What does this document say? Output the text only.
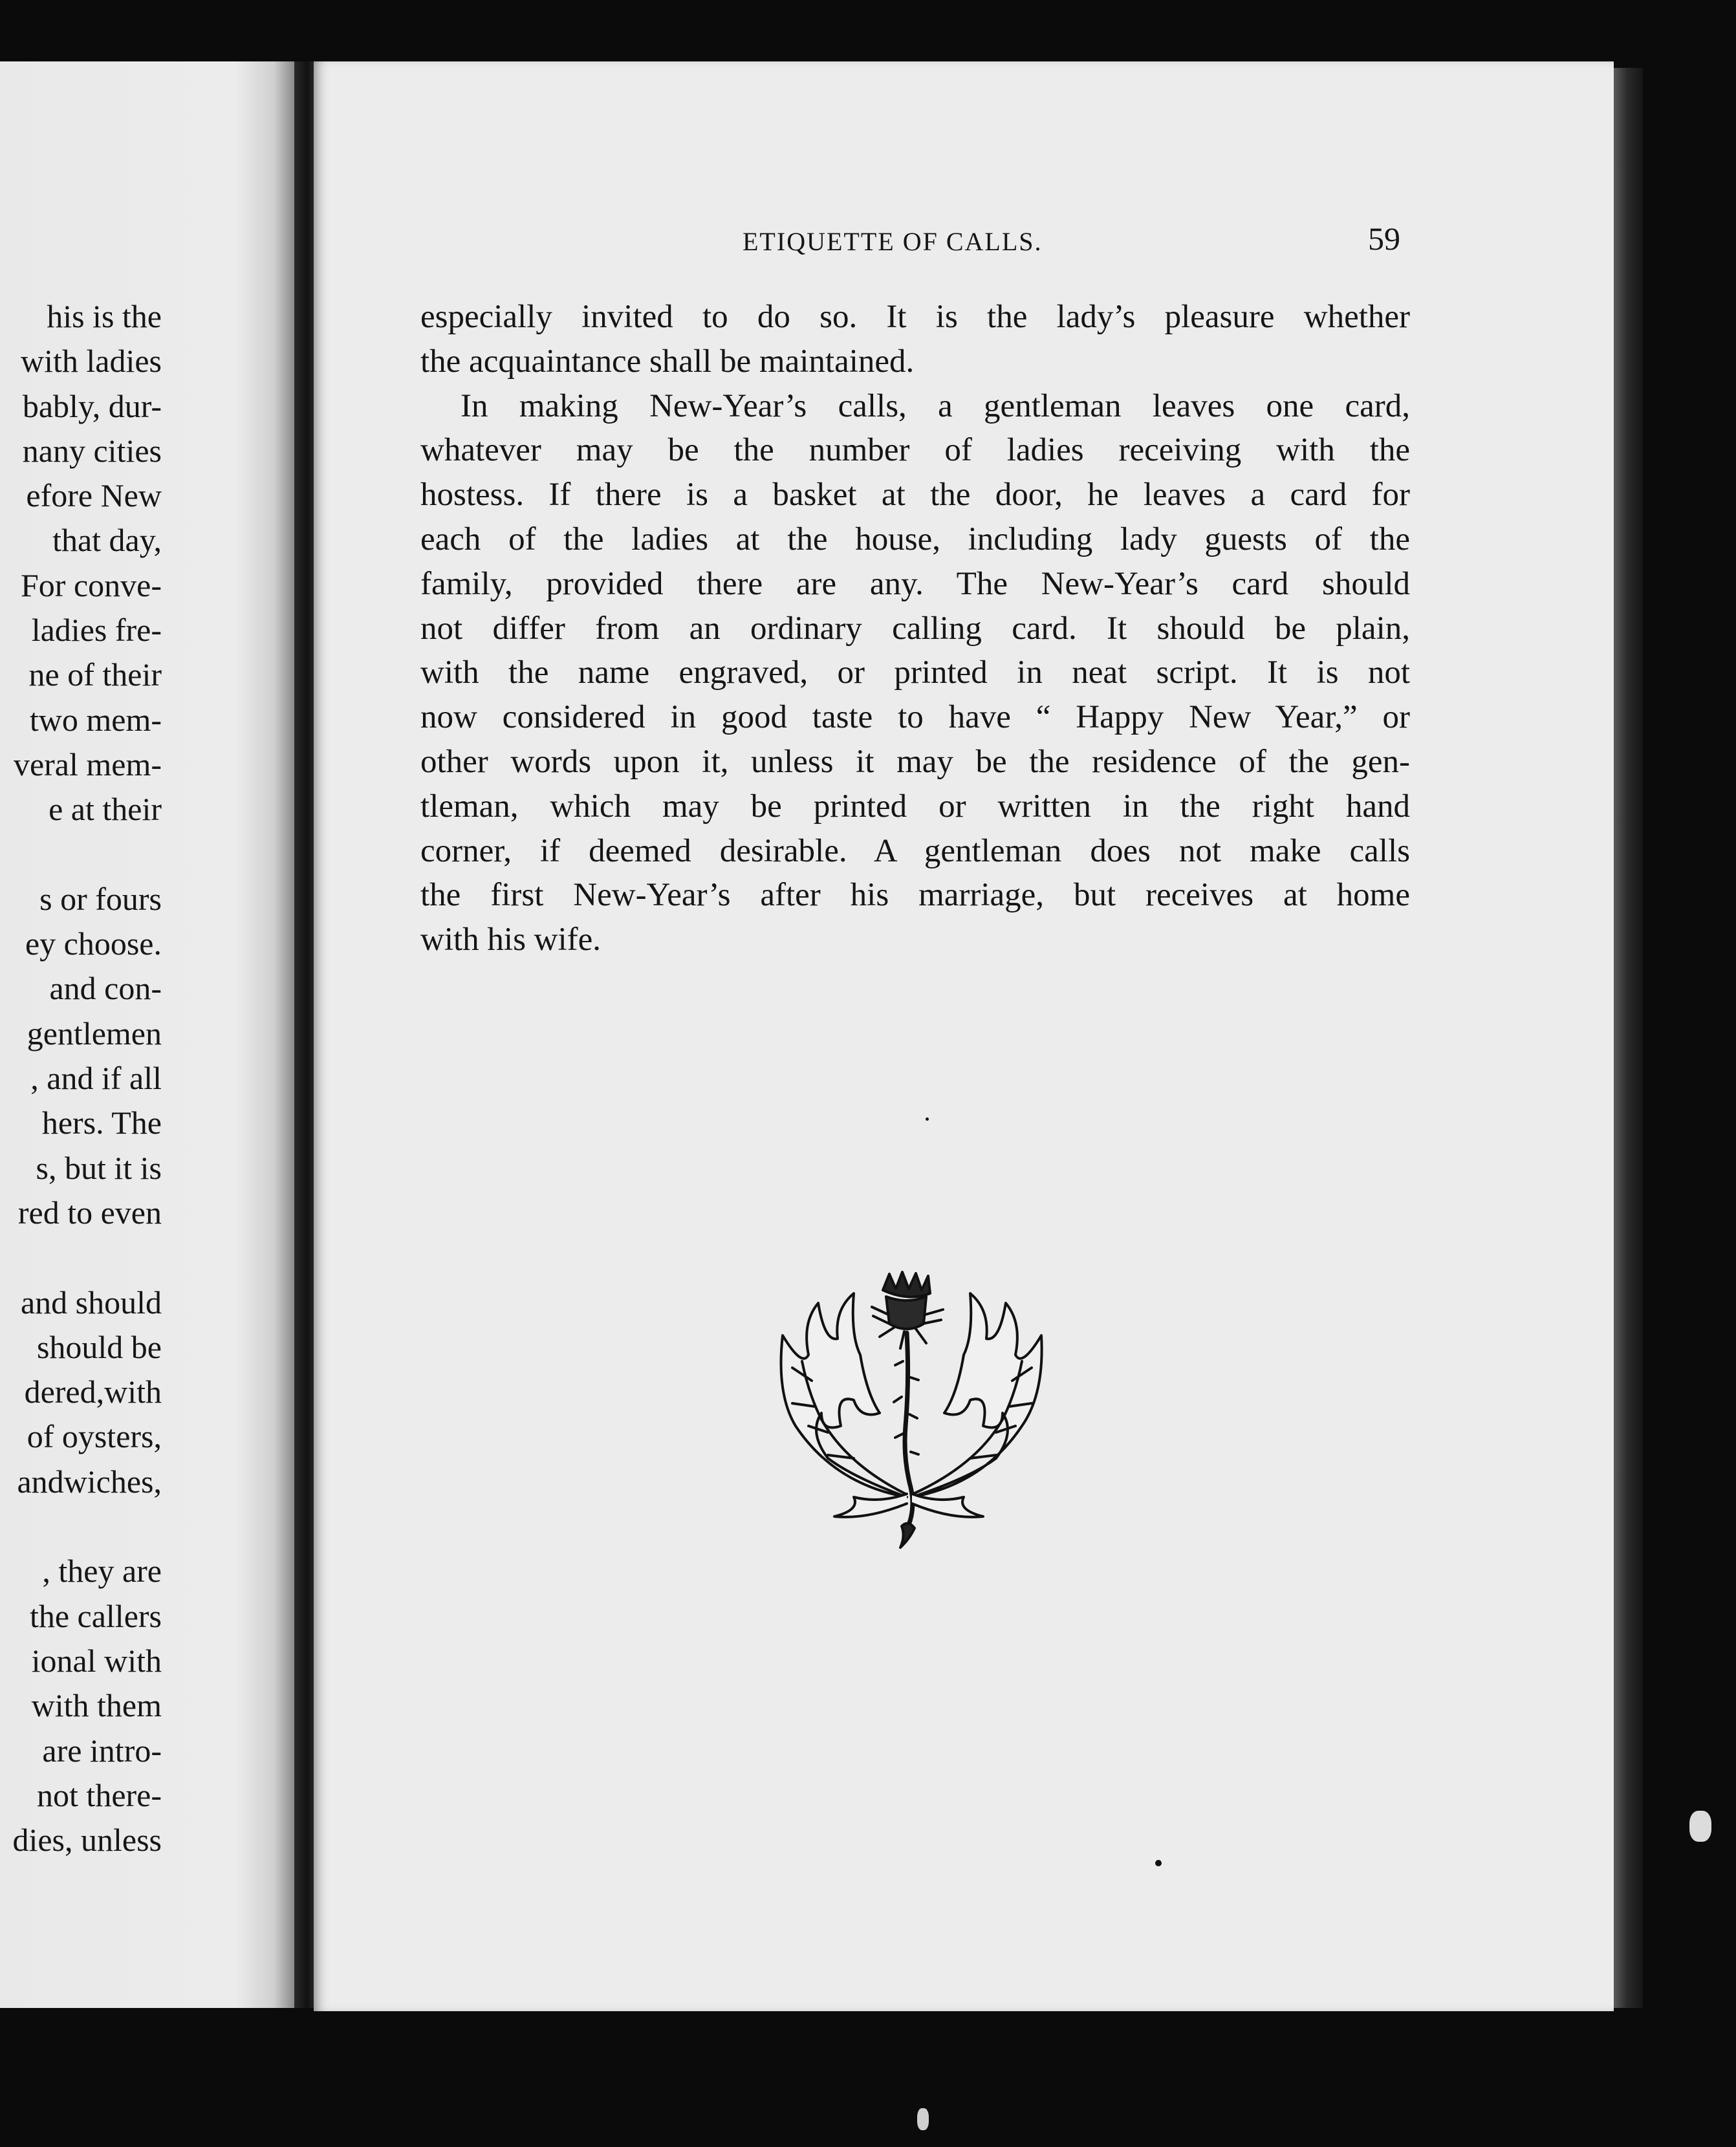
his is the
with ladies
bably, dur-
nany cities
efore New
that day,
For conve-
ladies fre-
ne of their
two mem-
veral mem-
e at their

s or fours
ey choose.
and con-
gentlemen
, and if all
hers. The
s, but it is
red to even

and should
should be
dered,with
of oysters,
andwiches,

, they are
the callers
ional with
with them
are intro-
not there-
dies, unless
ETIQUETTE OF CALLS.	59
especially invited to do so. It is the lady’s pleasure whether
the acquaintance shall be maintained.
In making New-Year’s calls, a gentleman leaves one card,
whatever may be the number of ladies receiving with the
hostess. If there is a basket at the door, he leaves a card for
each of the ladies at the house, including lady guests of the
family, provided there are any. The New-Year’s card should
not differ from an ordinary calling card. It should be plain,
with the name engraved, or printed in neat script. It is not
now considered in good taste to have “ Happy New Year,” or
other words upon it, unless it may be the residence of the gen-
tleman, which may be printed or written in the right hand
corner, if deemed desirable. A gentleman does not make calls
the first New-Year’s after his marriage, but receives at home
with his wife.
